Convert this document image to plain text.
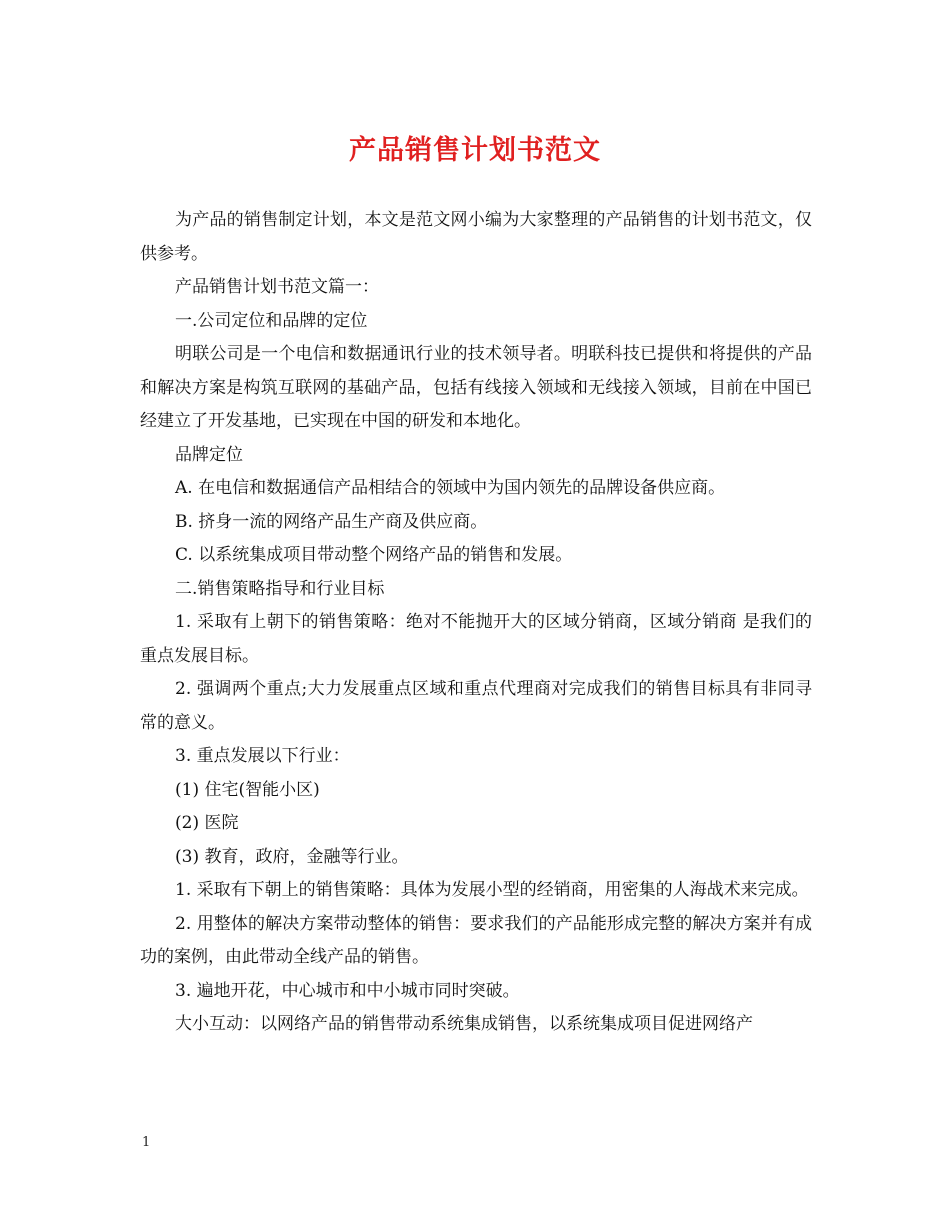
产品销售计划书范文

为产品的销售制定计划，本文是范文网小编为大家整理的产品销售的计划书范文，仅供参考。

产品销售计划书范文篇一：

一.公司定位和品牌的定位

明联公司是一个电信和数据通讯行业的技术领导者。明联科技已提供和将提供的产品和解决方案是构筑互联网的基础产品，包括有线接入领域和无线接入领域，目前在中国已经建立了开发基地，已实现在中国的研发和本地化。

品牌定位

A. 在电信和数据通信产品相结合的领域中为国内领先的品牌设备供应商。

B. 挤身一流的网络产品生产商及供应商。

C. 以系统集成项目带动整个网络产品的销售和发展。

二.销售策略指导和行业目标

1. 采取有上朝下的销售策略：绝对不能抛开大的区域分销商，区域分销商 是我们的重点发展目标。

2. 强调两个重点;大力发展重点区域和重点代理商对完成我们的销售目标具有非同寻常的意义。

3. 重点发展以下行业：

(1) 住宅(智能小区)

(2) 医院

(3) 教育，政府，金融等行业。

1. 采取有下朝上的销售策略：具体为发展小型的经销商，用密集的人海战术来完成。

2. 用整体的解决方案带动整体的销售：要求我们的产品能形成完整的解决方案并有成功的案例，由此带动全线产品的销售。

3. 遍地开花，中心城市和中小城市同时突破。

大小互动：以网络产品的销售带动系统集成销售，以系统集成项目促进网络产

1
